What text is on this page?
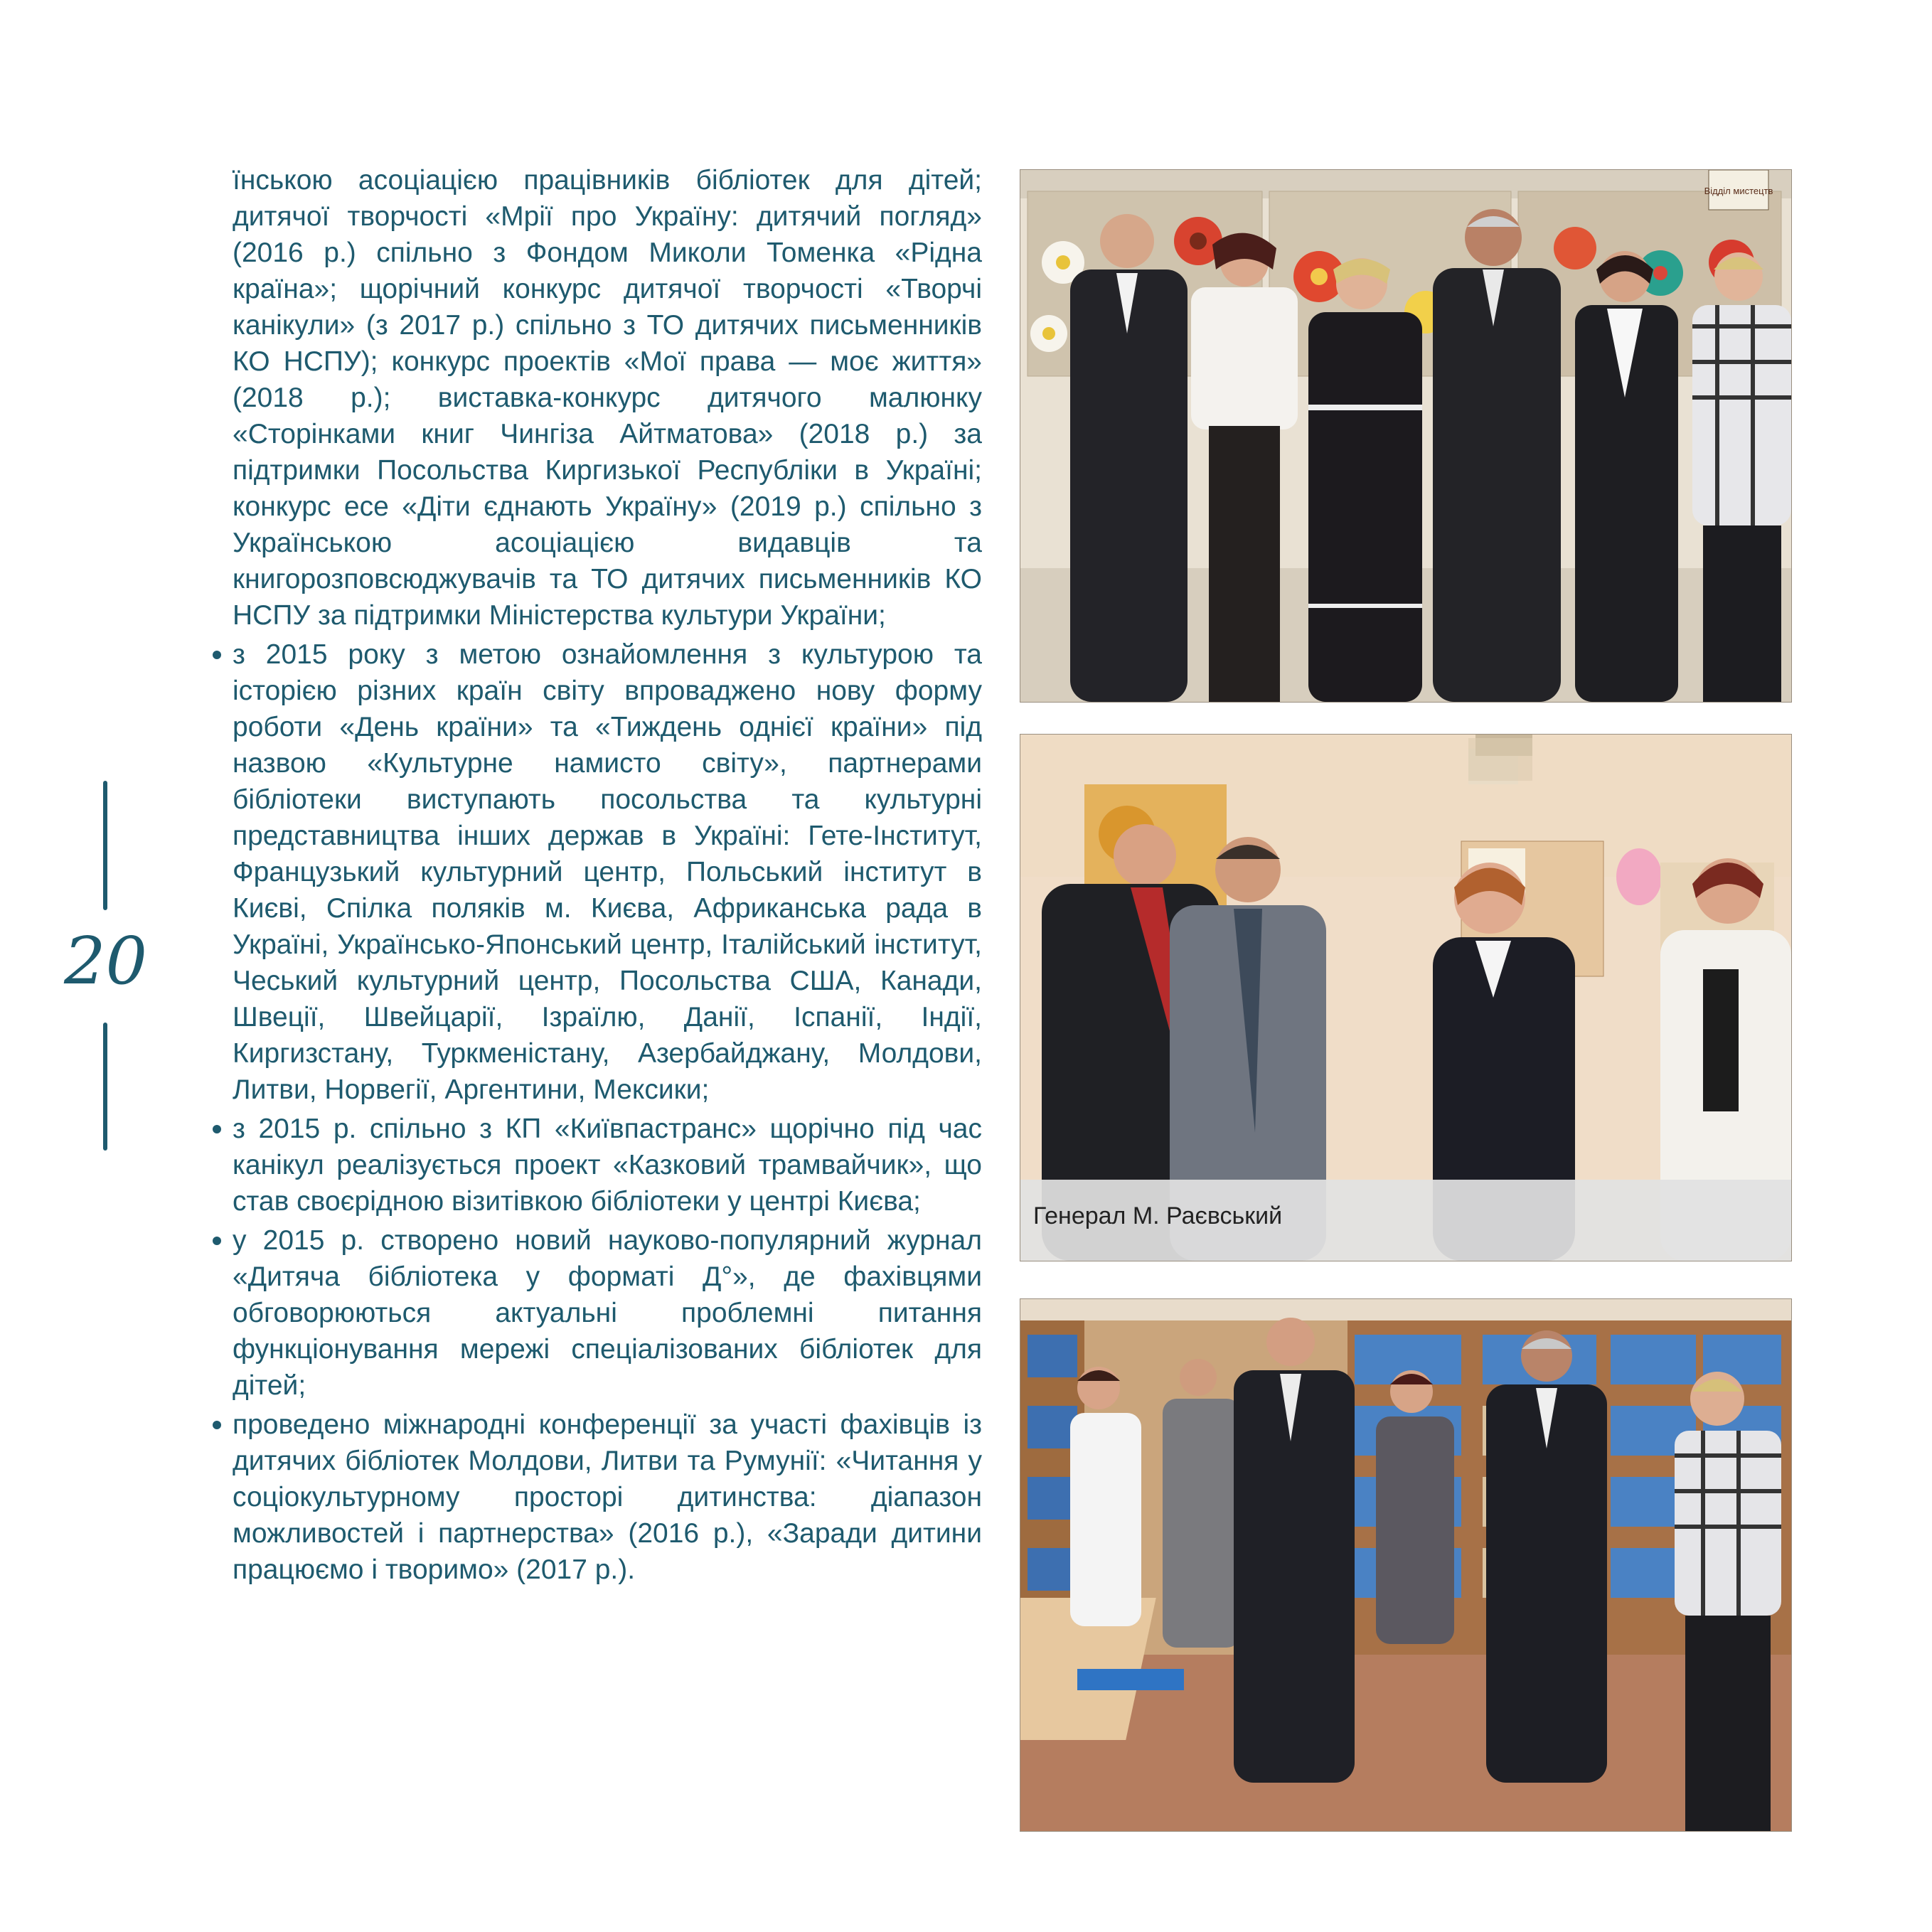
20

їнською асоціацією працівників бібліотек для дітей; дитячої творчості «Мрії про Україну: дитячий погляд» (2016 р.) спільно з Фондом Миколи Томенка «Рідна країна»; щорічний конкурс дитячої творчості «Творчі канікули» (з 2017 р.) спільно з ТО дитячих письменників КО НСПУ); конкурс проектів «Мої права — моє життя» (2018 р.); виставка-конкурс дитячого малюнку «Сторінками книг Чингіза Айтматова» (2018 р.) за підтримки Посольства Киргизької Республіки в Україні; конкурс есе «Діти єднають Україну» (2019 р.) спільно з Українською асоціацією видавців та книгорозповсюджувачів та ТО дитячих письменників КО НСПУ за підтримки Міністерства культури України;

з 2015 року з метою ознайомлення з культурою та історією різних країн світу впроваджено нову форму роботи «День країни» та «Тиждень однієї країни» під назвою «Культурне намисто світу», партнерами бібліотеки виступають посольства та культурні представництва інших держав в Україні: Гете-Інститут, Французький культурний центр, Польський інститут в Києві, Спілка поляків м. Києва, Африканська рада в Україні, Українсько-Японський центр, Італійський інститут, Чеський культурний центр, Посольства США, Канади, Швеції, Швейцарії, Ізраїлю, Данії, Іспанії, Індії, Киргизстану, Туркменістану, Азербайджану, Молдови, Литви, Норвегії, Аргентини, Мексики;
з 2015 р. спільно з КП «Київпастранс» щорічно під час канікул реалізується проект «Казковий трамвайчик», що став своєрідною візитівкою бібліотеки у центрі Києва;
у 2015 р. створено новий науково-популярний журнал «Дитяча бібліотека у форматі Д°», де фахівцями обговорюються актуальні проблемні питання функціонування мережі спеціалізованих бібліотек для дітей;
проведено міжнародні конференції за участі фахівців із дитячих бібліотек Молдови, Литви та Румунії: «Читання у соціокультурному просторі дитинства: діапазон можливостей і партнерства» (2016 р.), «Заради дитини працюємо і творимо» (2017 р.).
Відділ мистецтв
Генерал М. Раєвський
